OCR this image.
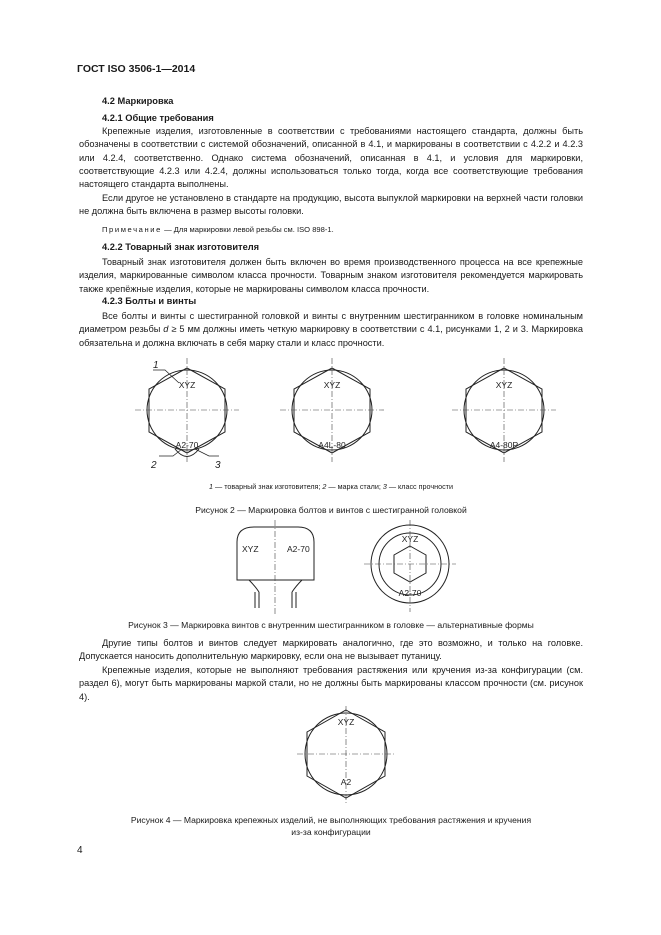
ГОСТ ISO 3506-1—2014
4.2 Маркировка
4.2.1 Общие требования

Крепежные изделия, изготовленные в соответствии с требованиями настоящего стандарта, должны быть обозначены в соответствии с системой обозначений, описанной в 4.1, и маркированы в соответствии с 4.2.2 и 4.2.3 или 4.2.4, соответственно. Однако система обозначений, описанная в 4.1, и условия для маркировки, соответствующие 4.2.3 или 4.2.4, должны использоваться только тогда, когда все соответствующие требования настоящего стандарта выполнены.

Если другое не установлено в стандарте на продукцию, высота выпуклой маркировки на верхней части головки не должна быть включена в размер высоты головки.

Примечание — Для маркировки левой резьбы см. ISO 898-1.
4.2.2 Товарный знак изготовителя

Товарный знак изготовителя должен быть включен во время производственного процесса на все крепежные изделия, маркированные символом класса прочности. Товарным знаком изготовителя рекомендуется маркировать также крепёжные изделия, которые не маркированы символом класса прочности.

4.2.3 Болты и винты

Все болты и винты с шестигранной головкой и винты с внутренним шестигранником в головке номинальным диаметром резьбы d ≥ 5 мм должны иметь четкую маркировку в соответствии с 4.1, рисунками 1, 2 и 3. Маркировка обязательна и должна включать в себя марку стали и класс прочности.

XYZ
A2-70
XYZ
A4L-80
XYZ
A4-80P
1
2	3
1 — товарный знак изготовителя; 2 — марка стали; 3 — класс прочности
Рисунок 2 — Маркировка болтов и винтов с шестигранной головкой
XYZ	A2-70
XYZ
A2-70
Рисунок 3 — Маркировка винтов с внутренним шестигранником в головке — альтернативные формы

Другие типы болтов и винтов следует маркировать аналогично, где это возможно, и только на головке. Допускается наносить дополнительную маркировку, если она не вызывает путаницу.

Крепежные изделия, которые не выполняют требования растяжения или кручения из-за конфигурации (см. раздел 6), могут быть маркированы маркой стали, но не должны быть маркированы классом прочности (см. рисунок 4).

XYZ
A2
Рисунок 4 — Маркировка крепежных изделий, не выполняющих требования растяжения и кручения
из-за конфигурации
4
